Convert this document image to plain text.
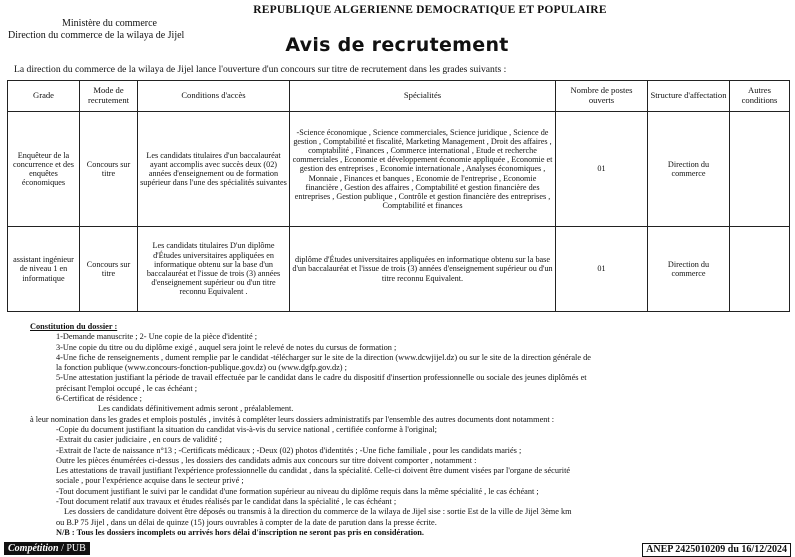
REPUBLIQUE ALGERIENNE DEMOCRATIQUE ET POPULAIRE
Ministère du commerce
Direction du commerce de la wilaya de Jijel	Avis de recrutement
La direction du commerce de la wilaya de Jijel lance l'ouverture d'un concours sur titre de recrutement dans les grades suivants :
Grade	Mode de recrutement	Conditions d'accès	Spécialités	Nombre de postes ouverts	Structure d'affectation	Autres conditions
Enquêteur de la concurrence et des enquêtes économiques	Concours sur titre	Les candidats titulaires d'un baccalauréat ayant accomplis avec succès deux (02) années d'enseignement ou de formation supérieur dans l'une des spécialités suivantes	-Science économique , Science commerciales, Science juridique , Science de gestion , Comptabilité et fiscalité, Marketing Management , Droit des affaires , comptabilité , Finances , Commerce international , Etude et recherche commerciales , Economie et développement économie appliquée , Economie et gestion des entreprises , Economie internationale , Analyses économiques , Monnaie , Finances et banques , Economie de l'entreprise , Economie financière , Gestion des affaires , Comptabilité et gestion financière des entreprises , Gestion publique , Contrôle et gestion financière des entreprises , Comptabilité et finances	01	Direction du commerce	
assistant ingénieur de niveau 1 en informatique	Concours sur titre	Les candidats titulaires D'un diplôme d'Études universitaires appliquées en informatique obtenu sur la base d'un baccalauréat et l'issue de trois (3) années d'enseignement supérieur ou d'un titre reconnu Equivalent .	diplôme d'Études universitaires appliquées en informatique obtenu sur la base d'un baccalauréat et l'issue de trois (3) années d'enseignement supérieur ou d'un titre reconnu Equivalent.	01	Direction du commerce	
Constitution du dossier :
1-Demande manuscrite ; 2- Une copie de la pièce d'identité ;
3-Une copie du titre ou du diplôme exigé , auquel sera joint le relevé de notes du cursus de formation ;
4-Une fiche de renseignements , dument remplie par le candidat -télécharger sur le site de la direction (www.dcwjijel.dz) ou sur le site de la direction générale de
la fonction publique (www.concours-fonction-publique.gov.dz) ou (www.dgfp.gov.dz) ;
5-Une attestation justifiant la période de travail effectuée par le candidat dans le cadre du dispositif d'insertion professionnelle ou sociale des jeunes diplômés et
précisant l'emploi occupé , le cas échéant ;
6-Certificat de résidence ;
Les candidats définitivement admis seront , préalablement.
à leur nomination dans les grades et emplois postulés , invités à compléter leurs dossiers administratifs par l'ensemble des autres documents dont notamment :
-Copie du document justifiant la situation du candidat vis-à-vis du service national , certifiée conforme à l'original;
-Extrait du casier judiciaire , en cours de validité ;
-Extrait de l'acte de naissance n°13 ; -Certificats médicaux ; -Deux (02) photos d'identités ; -Une fiche familiale , pour les candidats mariés ;
Outre les pièces énumérées ci-dessus , les dossiers des candidats admis aux concours sur titre doivent comporter , notamment :
Les attestations de travail justifiant l'expérience professionnelle du candidat , dans la spécialité. Celle-ci doivent être dument visées par l'organe de sécurité
sociale , pour l'expérience acquise dans le secteur privé ;
-Tout document justifiant le suivi par le candidat d'une formation supérieur au niveau du diplôme requis dans la même spécialité , le cas échéant ;
-Tout document relatif aux travaux et études réalisés par le candidat dans la spécialité , le cas échéant ;
Les dossiers de candidature doivent être déposés ou transmis à la direction du commerce de la wilaya de Jijel sise : sortie Est de la ville de Jijel 3ème km
ou B.P 75 Jijel , dans un délai de quinze (15) jours ouvrables à compter de la date de parution dans la presse écrite.
N/B : Tous les dossiers incomplets ou arrivés hors délai d'inscription ne seront pas pris en considération.
Compétition / PUB	ANEP 2425010209 du 16/12/2024
